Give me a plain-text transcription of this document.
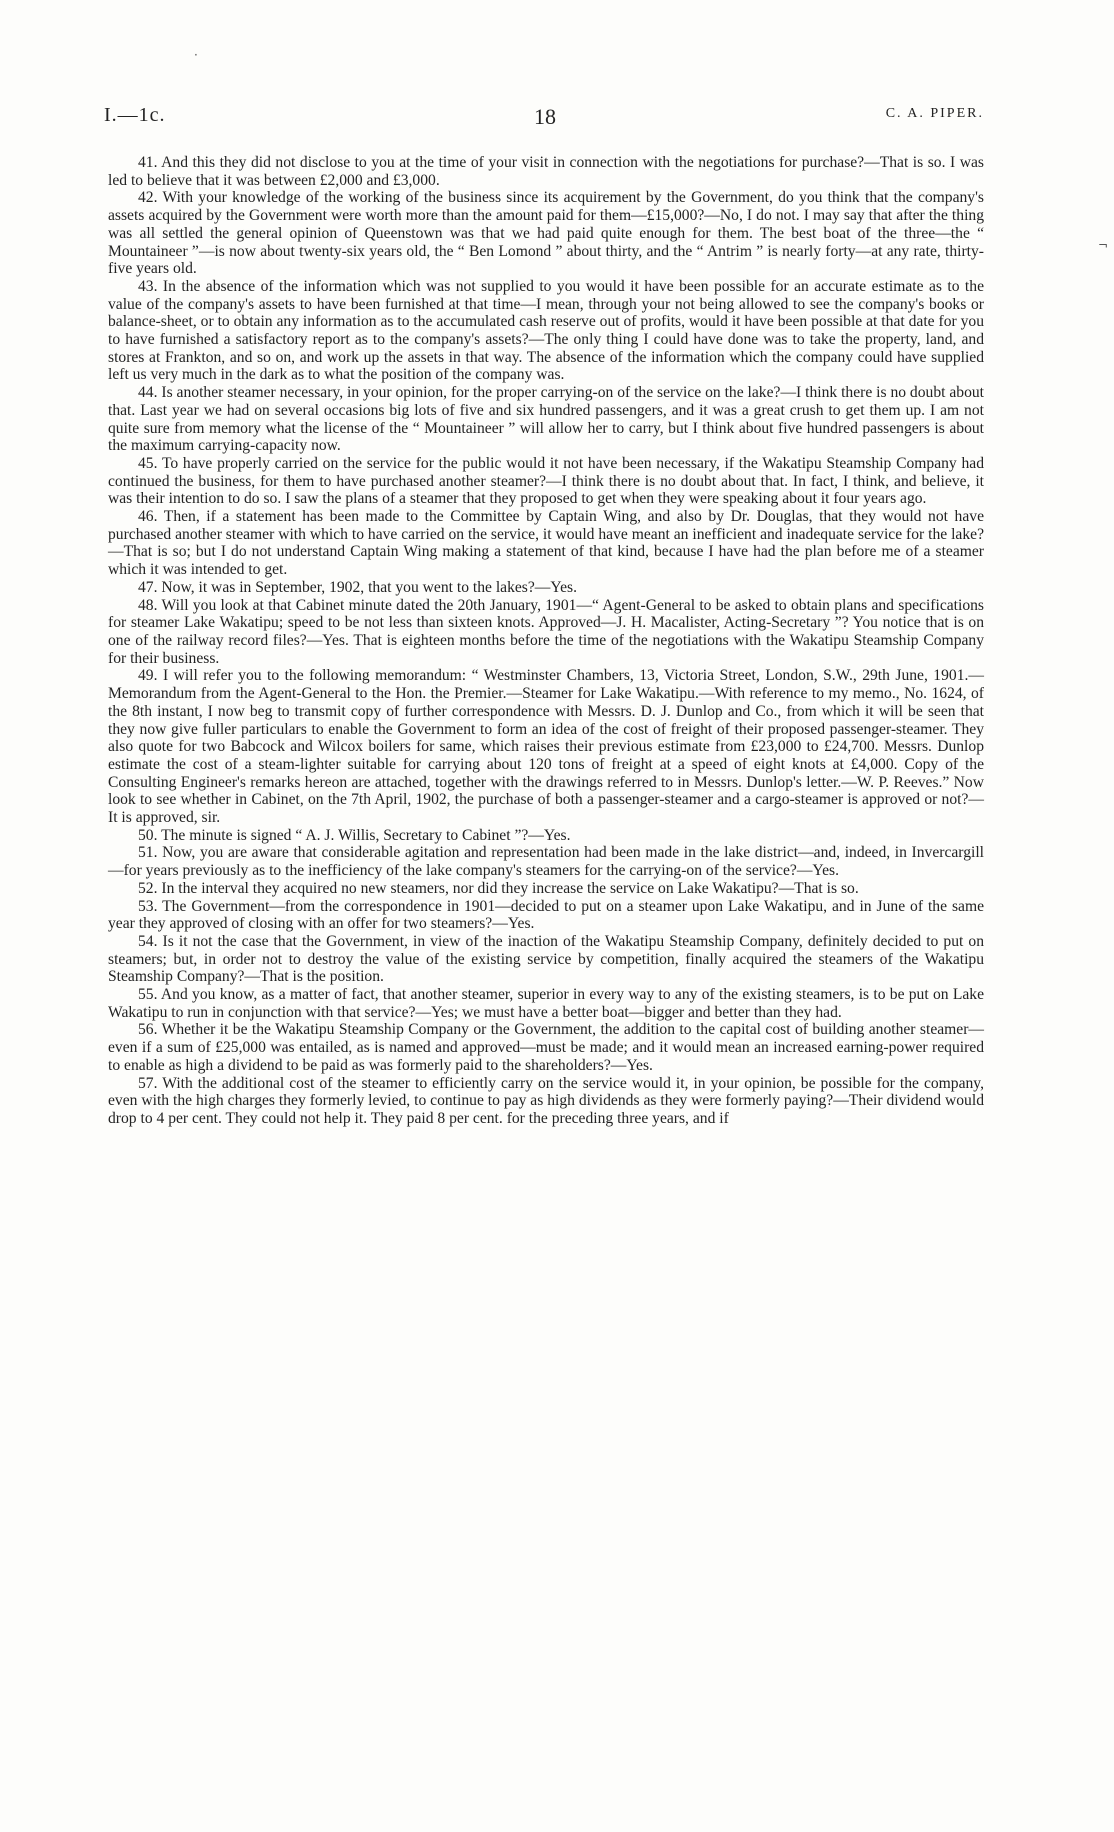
·
¬
I.—1c.	18	C. A. PIPER.

41. And this they did not disclose to you at the time of your visit in connection with the negotiations for purchase?—That is so. I was led to believe that it was between £2,000 and £3,000.

42. With your knowledge of the working of the business since its acquirement by the Government, do you think that the company's assets acquired by the Government were worth more than the amount paid for them—£15,000?—No, I do not. I may say that after the thing was all settled the general opinion of Queenstown was that we had paid quite enough for them. The best boat of the three—the “ Mountaineer ”—is now about twenty-six years old, the “ Ben Lomond ” about thirty, and the “ Antrim ” is nearly forty—at any rate, thirty-five years old.

43. In the absence of the information which was not supplied to you would it have been possible for an accurate estimate as to the value of the company's assets to have been furnished at that time—I mean, through your not being allowed to see the company's books or balance-sheet, or to obtain any information as to the accumulated cash reserve out of profits, would it have been possible at that date for you to have furnished a satisfactory report as to the company's assets?—The only thing I could have done was to take the property, land, and stores at Frankton, and so on, and work up the assets in that way. The absence of the information which the company could have supplied left us very much in the dark as to what the position of the company was.

44. Is another steamer necessary, in your opinion, for the proper carrying-on of the service on the lake?—I think there is no doubt about that. Last year we had on several occasions big lots of five and six hundred passengers, and it was a great crush to get them up. I am not quite sure from memory what the license of the “ Mountaineer ” will allow her to carry, but I think about five hundred passengers is about the maximum carrying-capacity now.

45. To have properly carried on the service for the public would it not have been necessary, if the Wakatipu Steamship Company had continued the business, for them to have purchased another steamer?—I think there is no doubt about that. In fact, I think, and believe, it was their intention to do so. I saw the plans of a steamer that they proposed to get when they were speaking about it four years ago.

46. Then, if a statement has been made to the Committee by Captain Wing, and also by Dr. Douglas, that they would not have purchased another steamer with which to have carried on the service, it would have meant an inefficient and inadequate service for the lake?—That is so; but I do not understand Captain Wing making a statement of that kind, because I have had the plan before me of a steamer which it was intended to get.

47. Now, it was in September, 1902, that you went to the lakes?—Yes.

48. Will you look at that Cabinet minute dated the 20th January, 1901—“ Agent-General to be asked to obtain plans and specifications for steamer Lake Wakatipu; speed to be not less than sixteen knots. Approved—J. H. Macalister, Acting-Secretary ”? You notice that is on one of the railway record files?—Yes. That is eighteen months before the time of the negotiations with the Wakatipu Steamship Company for their business.

49. I will refer you to the following memorandum: “ Westminster Chambers, 13, Victoria Street, London, S.W., 29th June, 1901.—Memorandum from the Agent-General to the Hon. the Premier.—Steamer for Lake Wakatipu.—With reference to my memo., No. 1624, of the 8th instant, I now beg to transmit copy of further correspondence with Messrs. D. J. Dunlop and Co., from which it will be seen that they now give fuller particulars to enable the Government to form an idea of the cost of freight of their proposed passenger-steamer. They also quote for two Babcock and Wilcox boilers for same, which raises their previous estimate from £23,000 to £24,700. Messrs. Dunlop estimate the cost of a steam-lighter suitable for carrying about 120 tons of freight at a speed of eight knots at £4,000. Copy of the Consulting Engineer's remarks hereon are attached, together with the drawings referred to in Messrs. Dunlop's letter.—W. P. Reeves.” Now look to see whether in Cabinet, on the 7th April, 1902, the purchase of both a passenger-steamer and a cargo-steamer is approved or not?—It is approved, sir.

50. The minute is signed “ A. J. Willis, Secretary to Cabinet ”?—Yes.

51. Now, you are aware that considerable agitation and representation had been made in the lake district—and, indeed, in Invercargill—for years previously as to the inefficiency of the lake company's steamers for the carrying-on of the service?—Yes.

52. In the interval they acquired no new steamers, nor did they increase the service on Lake Wakatipu?—That is so.

53. The Government—from the correspondence in 1901—decided to put on a steamer upon Lake Wakatipu, and in June of the same year they approved of closing with an offer for two steamers?—Yes.

54. Is it not the case that the Government, in view of the inaction of the Wakatipu Steamship Company, definitely decided to put on steamers; but, in order not to destroy the value of the existing service by competition, finally acquired the steamers of the Wakatipu Steamship Company?—That is the position.

55. And you know, as a matter of fact, that another steamer, superior in every way to any of the existing steamers, is to be put on Lake Wakatipu to run in conjunction with that service?—Yes; we must have a better boat—bigger and better than they had.

56. Whether it be the Wakatipu Steamship Company or the Government, the addition to the capital cost of building another steamer—even if a sum of £25,000 was entailed, as is named and approved—must be made; and it would mean an increased earning-power required to enable as high a dividend to be paid as was formerly paid to the shareholders?—Yes.

57. With the additional cost of the steamer to efficiently carry on the service would it, in your opinion, be possible for the company, even with the high charges they formerly levied, to continue to pay as high dividends as they were formerly paying?—Their dividend would drop to 4 per cent. They could not help it. They paid 8 per cent. for the preceding three years, and if
